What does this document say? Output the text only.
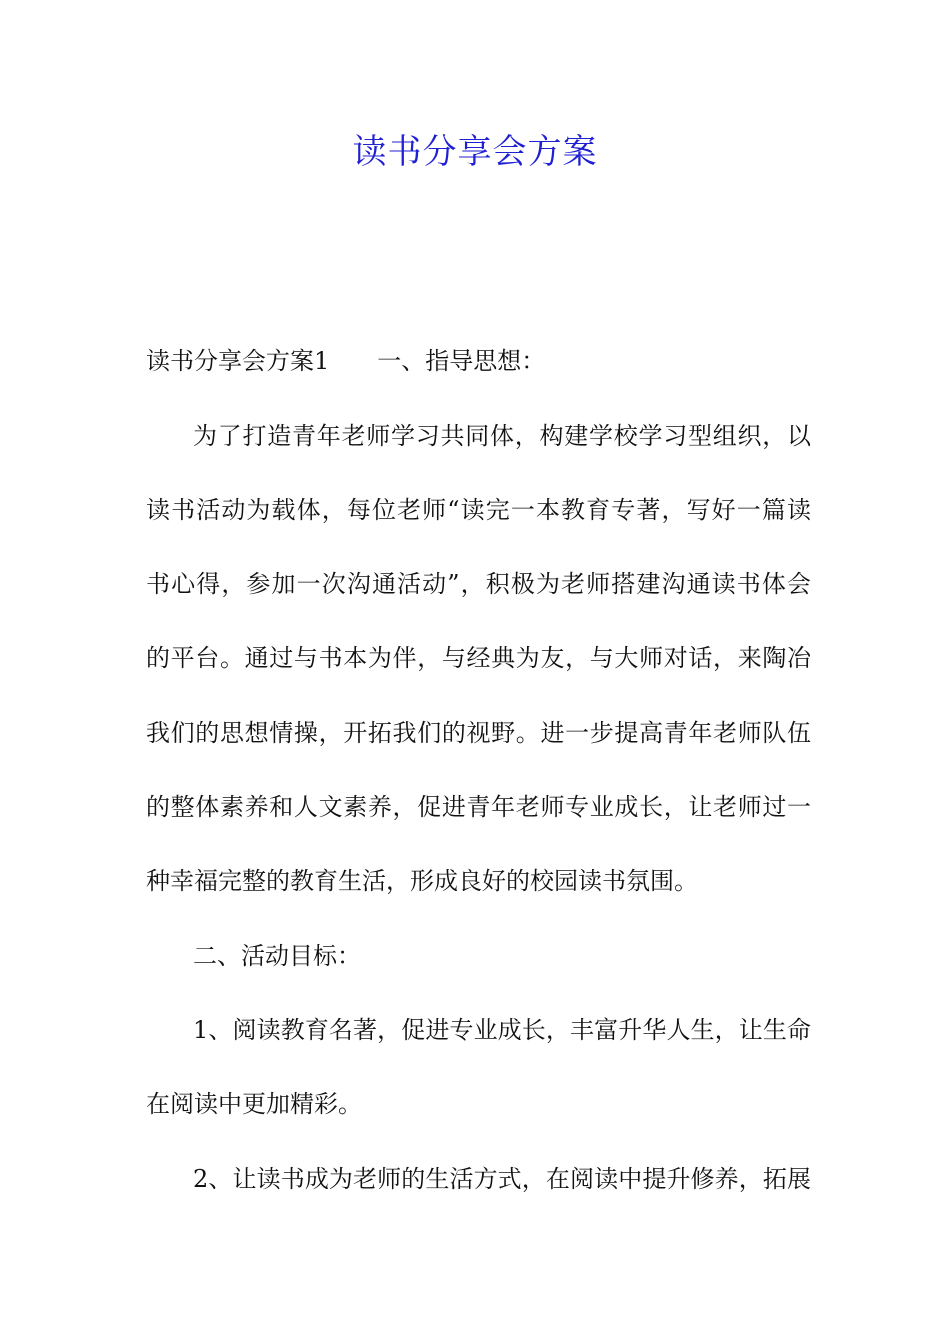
读书分享会方案

读书分享会方案1 一、指导思想：

为了打造青年老师学习共同体，构建学校学习型组织，以

读书活动为载体，每位老师“读完一本教育专著，写好一篇读

书心得，参加一次沟通活动”，积极为老师搭建沟通读书体会

的平台。通过与书本为伴，与经典为友，与大师对话，来陶冶

我们的思想情操，开拓我们的视野。进一步提高青年老师队伍

的整体素养和人文素养，促进青年老师专业成长，让老师过一

种幸福完整的教育生活，形成良好的校园读书氛围。

二、活动目标：

1、阅读教育名著，促进专业成长，丰富升华人生，让生命

在阅读中更加精彩。

2、让读书成为老师的生活方式，在阅读中提升修养，拓展
